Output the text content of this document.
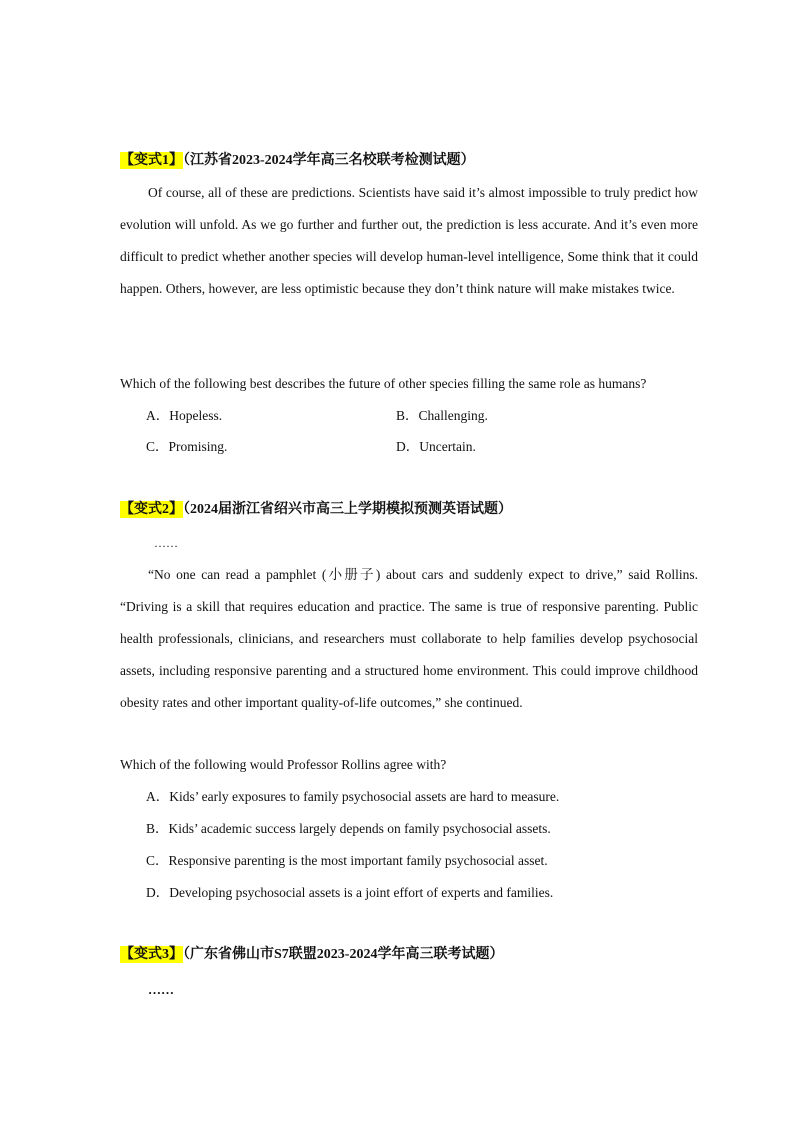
【变式1】（江苏省2023-2024学年高三名校联考检测试题）

Of course, all of these are predictions. Scientists have said it’s almost impossible to truly predict how evolution will unfold. As we go further and further out, the prediction is less accurate. And it’s even more difficult to predict whether another species will develop human-level intelligence, Some think that it could happen. Others, however, are less optimistic because they don’t think nature will make mistakes twice.

Which of the following best describes the future of other species filling the same role as humans?

A．Hopeless.	B．Challenging.
C．Promising.	D．Uncertain.
【变式2】（2024届浙江省绍兴市高三上学期模拟预测英语试题）

……

“No one can read a pamphlet (小册子) about cars and suddenly expect to drive,” said Rollins. “Driving is a skill that requires education and practice. The same is true of responsive parenting. Public health professionals, clinicians, and researchers must collaborate to help families develop psychosocial assets, including responsive parenting and a structured home environment. This could improve childhood obesity rates and other important quality-of-life outcomes,” she continued.

Which of the following would Professor Rollins agree with?

A．Kids’ early exposures to family psychosocial assets are hard to measure.
B．Kids’ academic success largely depends on family psychosocial assets.
C．Responsive parenting is the most important family psychosocial asset.
D．Developing psychosocial assets is a joint effort of experts and families.
【变式3】（广东省佛山市S7联盟2023-2024学年高三联考试题）

……
